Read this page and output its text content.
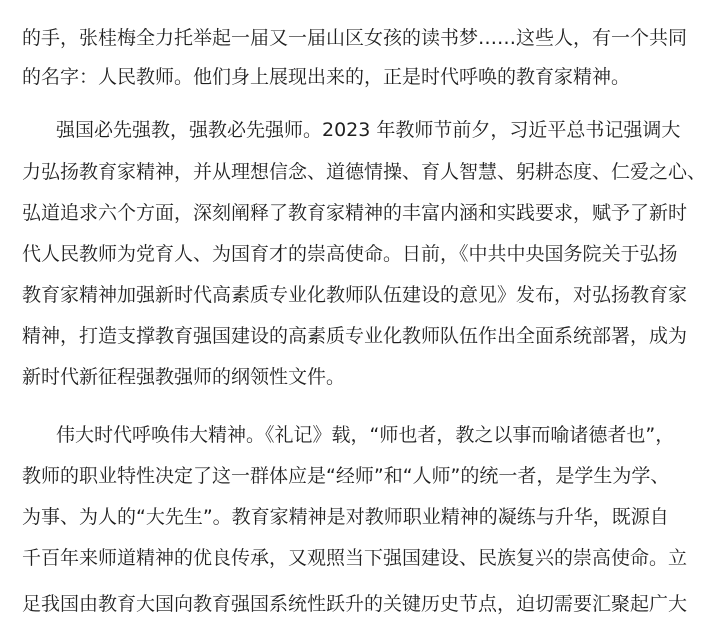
的手，张桂梅全力托举起一届又一届山区女孩的读书梦……这些人，有一个共同
的名字：人民教师。他们身上展现出来的，正是时代呼唤的教育家精神。
强国必先强教，强教必先强师。2023 年教师节前夕，习近平总书记强调大
力弘扬教育家精神，并从理想信念、道德情操、育人智慧、躬耕态度、仁爱之心、
弘道追求六个方面，深刻阐释了教育家精神的丰富内涵和实践要求，赋予了新时
代人民教师为党育人、为国育才的崇高使命。日前，《中共中央国务院关于弘扬
教育家精神加强新时代高素质专业化教师队伍建设的意见》发布，对弘扬教育家
精神，打造支撑教育强国建设的高素质专业化教师队伍作出全面系统部署，成为
新时代新征程强教强师的纲领性文件。
伟大时代呼唤伟大精神。《礼记》载，“师也者，教之以事而喻诸德者也”，
教师的职业特性决定了这一群体应是“经师”和“人师”的统一者，是学生为学、
为事、为人的“大先生”。教育家精神是对教师职业精神的凝练与升华，既源自
千百年来师道精神的优良传承，又观照当下强国建设、民族复兴的崇高使命。立
足我国由教育大国向教育强国系统性跃升的关键历史节点，迫切需要汇聚起广大
